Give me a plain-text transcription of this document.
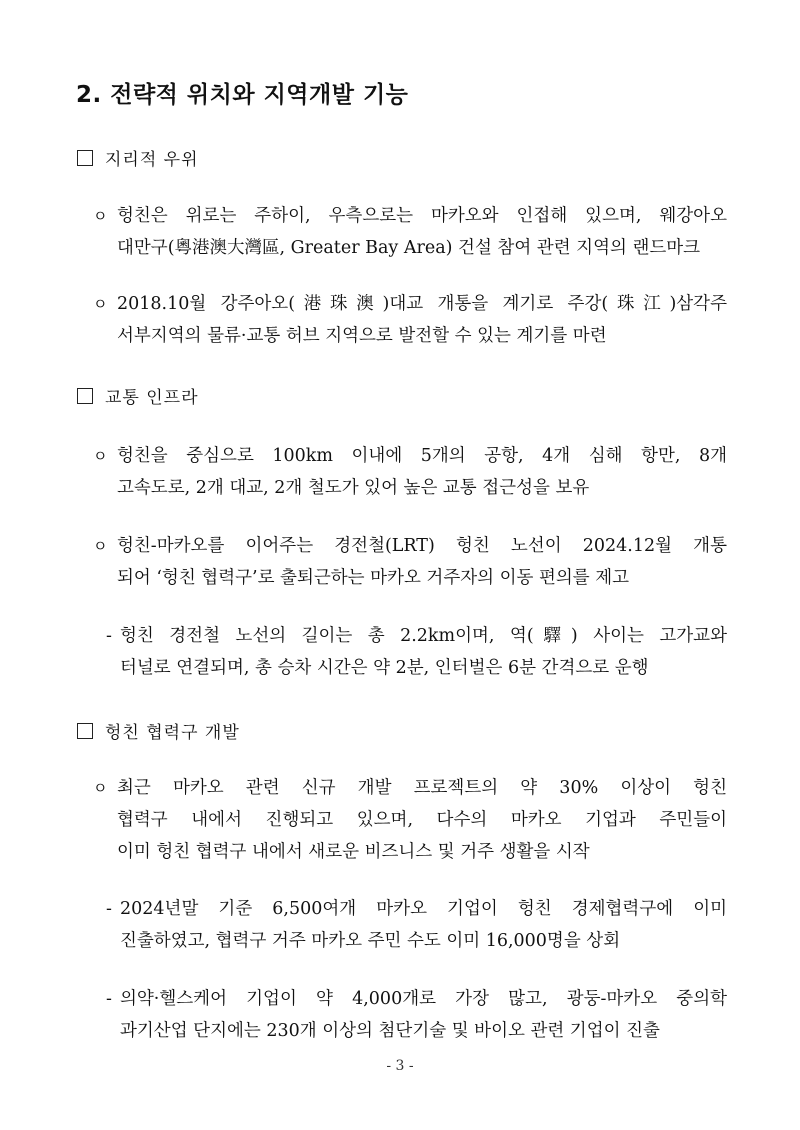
2. 전략적 위치와 지역개발 기능
지리적 우위
ㅇ 헝친은 위로는 주하이, 우측으로는 마카오와 인접해 있으며, 웨강아오
대만구(粵港澳大灣區, Greater Bay Area) 건설 참여 관련 지역의 랜드마크
ㅇ 2018.10월 강주아오(港珠澳)대교 개통을 계기로 주강(珠江)삼각주
서부지역의 물류·교통 허브 지역으로 발전할 수 있는 계기를 마련
교통 인프라
ㅇ 헝친을 중심으로 100km 이내에 5개의 공항, 4개 심해 항만, 8개
고속도로, 2개 대교, 2개 철도가 있어 높은 교통 접근성을 보유
ㅇ 헝친-마카오를 이어주는 경전철(LRT) 헝친 노선이 2024.12월 개통
되어 ‘헝친 협력구’로 출퇴근하는 마카오 거주자의 이동 편의를 제고
- 헝친 경전철 노선의 길이는 총 2.2km이며, 역(驛) 사이는 고가교와
터널로 연결되며, 총 승차 시간은 약 2분, 인터벌은 6분 간격으로 운행
헝친 협력구 개발
ㅇ 최근 마카오 관련 신규 개발 프로젝트의 약 30% 이상이 헝친
협력구 내에서 진행되고 있으며, 다수의 마카오 기업과 주민들이
이미 헝친 협력구 내에서 새로운 비즈니스 및 거주 생활을 시작
- 2024년말 기준 6,500여개 마카오 기업이 헝친 경제협력구에 이미
진출하였고, 협력구 거주 마카오 주민 수도 이미 16,000명을 상회
- 의약·헬스케어 기업이 약 4,000개로 가장 많고, 광둥-마카오 중의학
과기산업 단지에는 230개 이상의 첨단기술 및 바이오 관련 기업이 진출
- 3 -
